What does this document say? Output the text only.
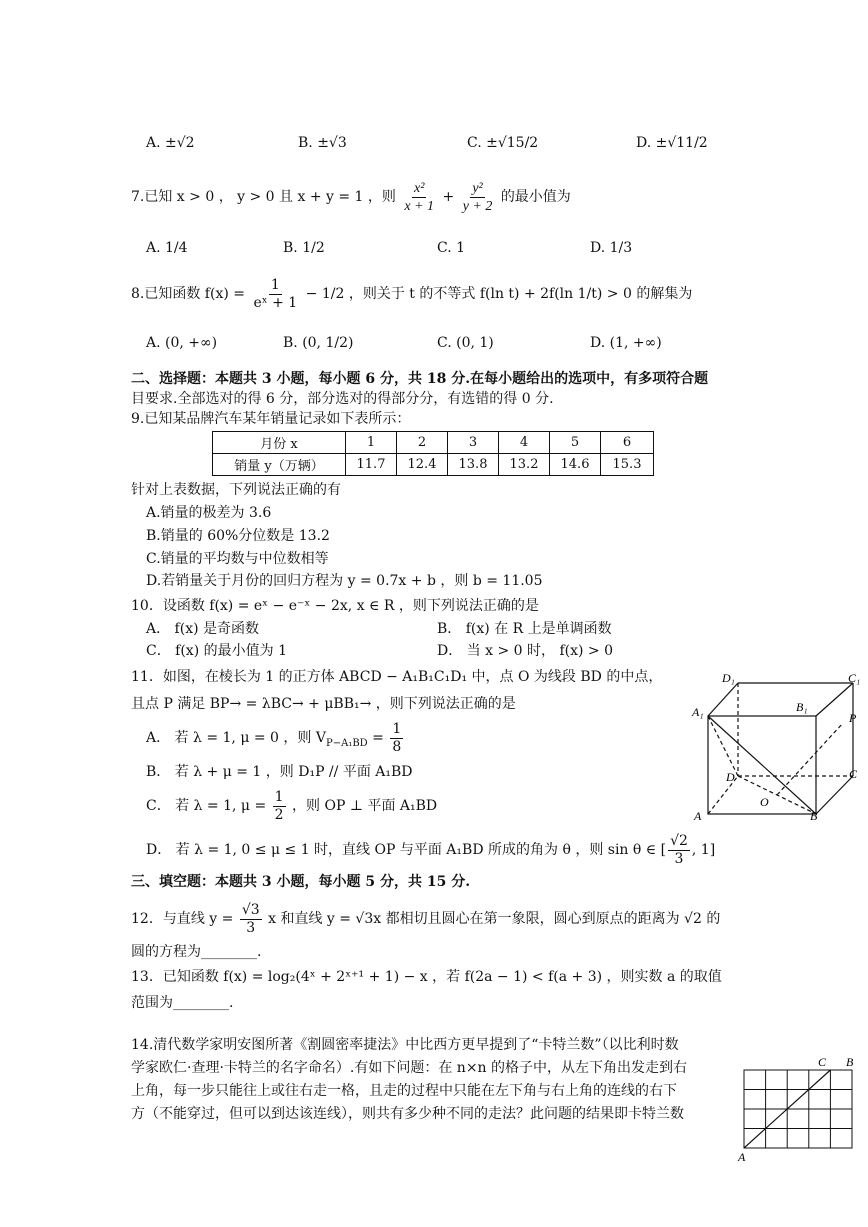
A. ±√2	B. ±√3	C. ±√15/2	D. ±√11/2
7.已知 x > 0 ， y > 0 且 x + y = 1 ，则 $\frac{\text{x²}}{x + 1} + \frac{\text{y²}}{y + 2}$ 的最小值为
A. 1/4	B. 1/2	C. 1	D. 1/3
8.已知函数 $f(x) = \frac{1}{\text{eˣ + 1}} - 1/2$ ，则关于 t 的不等式 f(ln t) + 2f(ln 1/t) > 0 的解集为
A. (0, +∞)	B. (0, 1/2)	C. (0, 1)	D. (1, +∞)
二、选择题：本题共 3 小题，每小题 6 分，共 18 分.在每小题给出的选项中，有多项符合题
目要求.全部选对的得 6 分，部分选对的得部分分，有选错的得 0 分.
9.已知某品牌汽车某年销量记录如下表所示：
月份 x	1	2	3	4	5	6
销量 y（万辆）	11.7	12.4	13.8	13.2	14.6	15.3
针对上表数据，下列说法正确的有
A.销量的极差为 3.6
B.销量的 60%分位数是 13.2
C.销量的平均数与中位数相等
D.若销量关于月份的回归方程为 y = 0.7x + b ，则 b = 11.05
10．设函数 f(x) = eˣ − e⁻ˣ − 2x, x ∈ R ，则下列说法正确的是
A． f(x) 是奇函数	B． f(x) 在 R 上是单调函数
C． f(x) 的最小值为 1	D． 当 x > 0 时， f(x) > 0
11．如图，在棱长为 1 的正方体 ABCD − A₁B₁C₁D₁ 中，点 O 为线段 BD 的中点，
且点 P 满足 BP→ = λBC→ + μBB₁→ ，则下列说法正确的是
A． 若 λ = 1, μ = 0 ，则 $V_{P-A_1BD} = \frac{1}{8}$
B． 若 λ + μ = 1 ，则 D₁P // 平面 A₁BD
C． 若 λ = 1, $\mu = \frac{1}{2}$ ，则 OP ⊥ 平面 A₁BD
D． 若 λ = 1, 0 ≤ μ ≤ 1 时，直线 OP 与平面 A₁BD 所成的角为 θ ，则 sin θ ∈ [ $\frac{√2}{3}$ , 1]
D₁	C₁
A₁	B₁
P
D	C
O
A	B
三、填空题：本题共 3 小题，每小题 5 分，共 15 分.
12．与直线 $y = \frac{√3}{3}$ x 和直线 y = √3x 都相切且圆心在第一象限，圆心到原点的距离为 √2 的
圆的方程为________.
13．已知函数 f(x) = log₂(4ˣ + 2ˣ⁺¹ + 1) − x ，若 f(2a − 1) < f(a + 3) ，则实数 a 的取值
范围为________.
14.清代数学家明安图所著《割圆密率捷法》中比西方更早提到了“卡特兰数”（以比利时数
学家欧仁·查理·卡特兰的名字命名）.有如下问题：在 n×n 的格子中，从左下角出发走到右
上角，每一步只能往上或往右走一格，且走的过程中只能在左下角与右上角的连线的右下
方（不能穿过，但可以到达该连线），则共有多少种不同的走法？此问题的结果即卡特兰数
C B
A
